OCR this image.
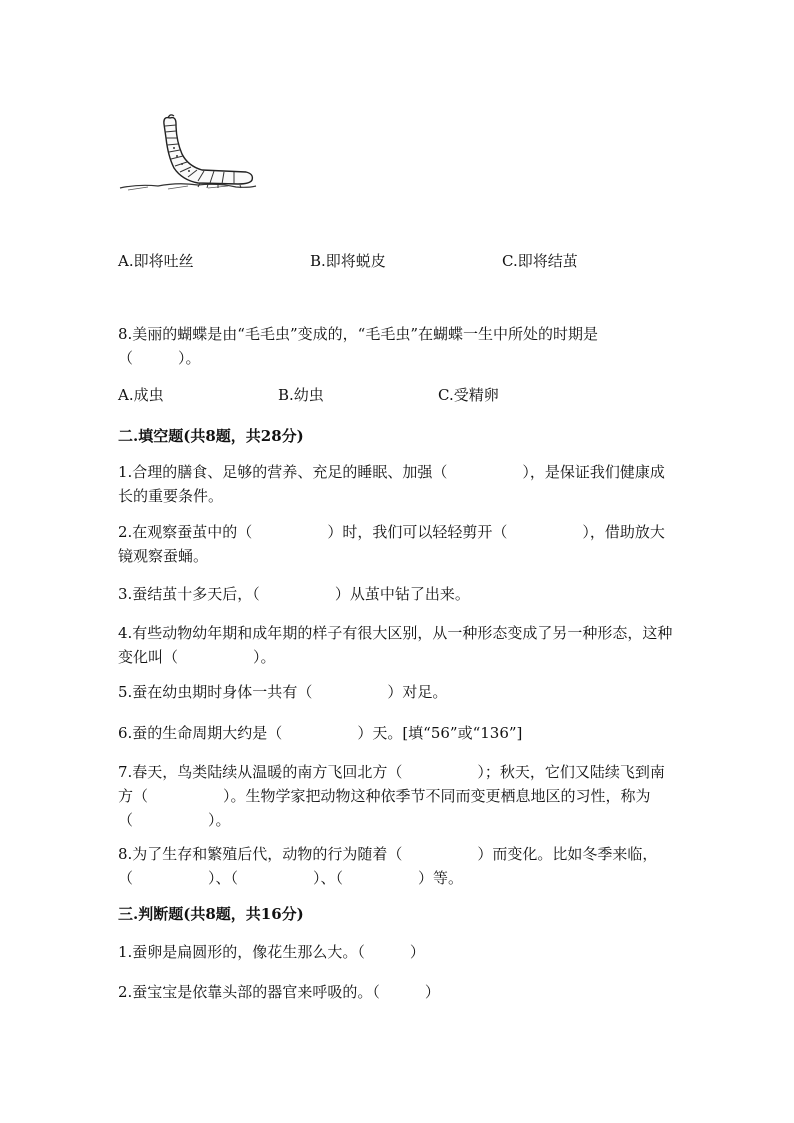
A.即将吐丝	B.即将蜕皮	C.即将结茧
8.美丽的蝴蝶是由“毛毛虫”变成的，“毛毛虫”在蝴蝶一生中所处的时期是（　　　）。
A.成虫	B.幼虫	C.受精卵
二.填空题(共8题，共28分)
1.合理的膳食、足够的营养、充足的睡眠、加强（　　　　　），是保证我们健康成长的重要条件。
2.在观察蚕茧中的（　　　　　）时，我们可以轻轻剪开（　　　　　），借助放大镜观察蚕蛹。
3.蚕结茧十多天后，（　　　　　）从茧中钻了出来。
4.有些动物幼年期和成年期的样子有很大区别，从一种形态变成了另一种形态，这种变化叫（　　　　　）。
5.蚕在幼虫期时身体一共有（　　　　　）对足。
6.蚕的生命周期大约是（　　　　　）天。[填“56”或“136”]
7.春天，鸟类陆续从温暖的南方飞回北方（　　　　　）；秋天，它们又陆续飞到南方（　　　　　）。生物学家把动物这种依季节不同而变更栖息地区的习性，称为（　　　　　）。
8.为了生存和繁殖后代，动物的行为随着（　　　　　）而变化。比如冬季来临，（　　　　　）、（　　　　　）、（　　　　　）等。
三.判断题(共8题，共16分)
1.蚕卵是扁圆形的，像花生那么大。（　　　）
2.蚕宝宝是依靠头部的器官来呼吸的。（　　　）
